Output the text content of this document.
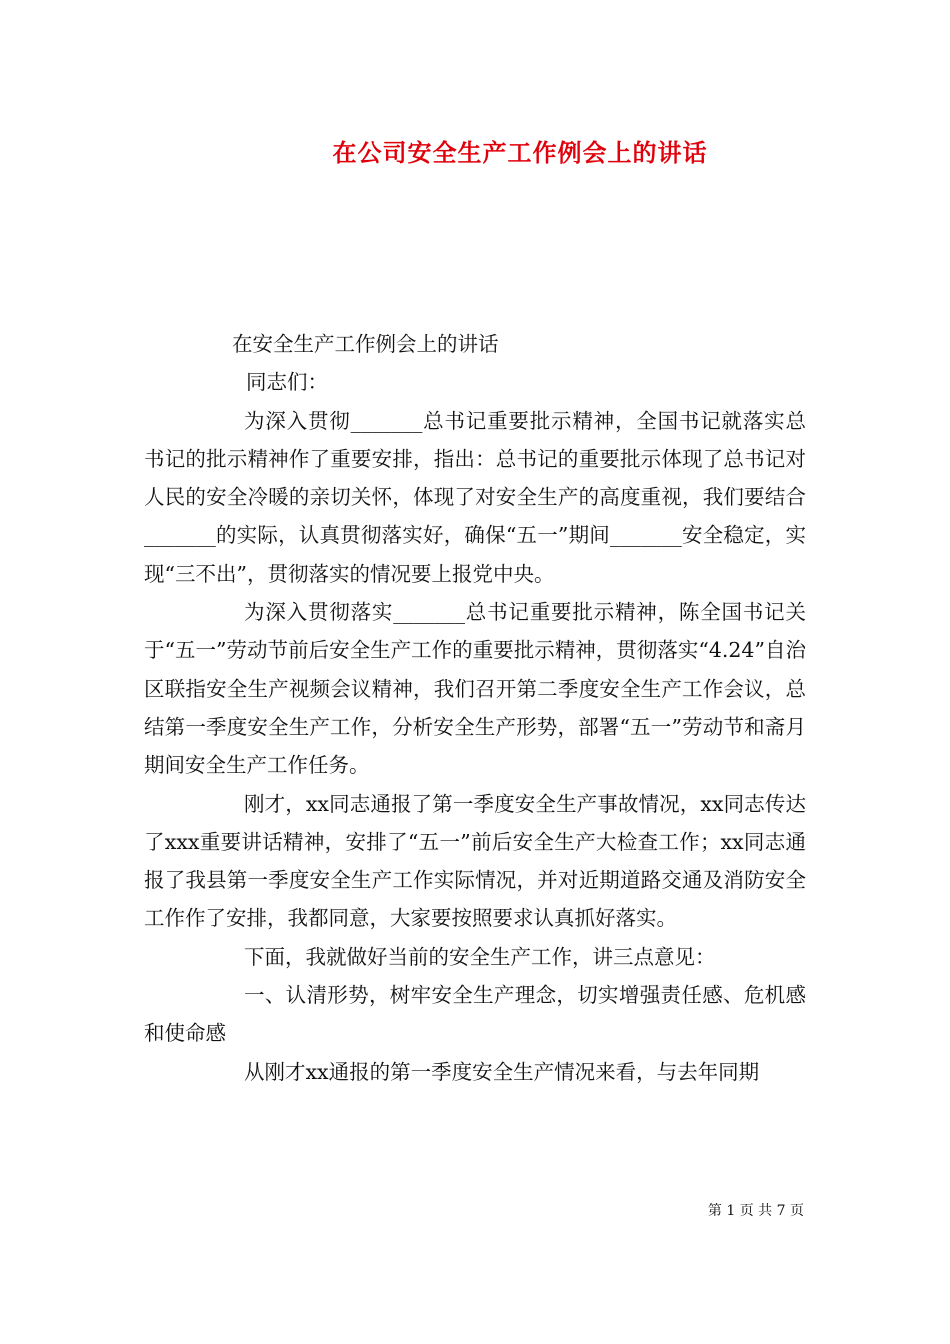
在公司安全生产工作例会上的讲话

在安全生产工作例会上的讲话

同志们：

为深入贯彻_______总书记重要批示精神，全国书记就落实总书记的批示精神作了重要安排，指出：总书记的重要批示体现了总书记对人民的安全冷暖的亲切关怀，体现了对安全生产的高度重视，我们要结合_______的实际，认真贯彻落实好，确保“五一”期间_______安全稳定，实现“三不出”，贯彻落实的情况要上报党中央。

为深入贯彻落实_______总书记重要批示精神，陈全国书记关于“五一”劳动节前后安全生产工作的重要批示精神，贯彻落实“4.24”自治区联指安全生产视频会议精神，我们召开第二季度安全生产工作会议，总结第一季度安全生产工作，分析安全生产形势，部署“五一”劳动节和斋月期间安全生产工作任务。

刚才，xx同志通报了第一季度安全生产事故情况，xx同志传达了xxx重要讲话精神，安排了“五一”前后安全生产大检查工作；xx同志通报了我县第一季度安全生产工作实际情况，并对近期道路交通及消防安全工作作了安排，我都同意，大家要按照要求认真抓好落实。

下面，我就做好当前的安全生产工作，讲三点意见：

一、认清形势，树牢安全生产理念，切实增强责任感、危机感和使命感

从刚才xx通报的第一季度安全生产情况来看，与去年同期

第 1 页 共 7 页
